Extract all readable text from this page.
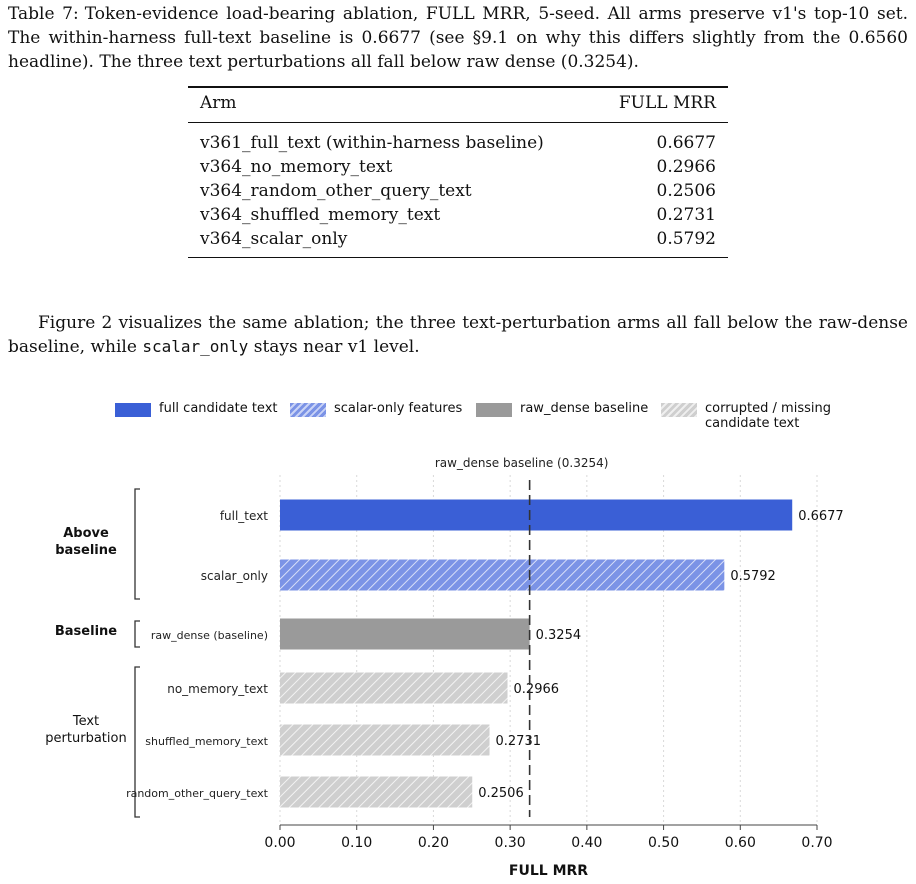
Table 7: Token-evidence load-bearing ablation, FULL MRR, 5-seed. All arms preserve v1's top-10 set. The within-harness full-text baseline is 0.6677 (see §9.1 on why this differs slightly from the 0.6560 headline). The three text perturbations all fall below raw dense (0.3254).
Arm	FULL MRR
v361_full_text (within-harness baseline)	0.6677
v364_no_memory_text	0.2966
v364_random_other_query_text	0.2506
v364_shuffled_memory_text	0.2731
v364_scalar_only	0.5792
Figure 2 visualizes the same ablation; the three text-perturbation arms all fall below the raw-dense baseline, while scalar_only stays near v1 level.
full candidate text	scalar-only features	raw_dense baseline	corrupted / missing candidate text
Above baseline
Baseline
Text perturbation
0.6677
full_text
0.5792
scalar_only
0.3254
raw_dense (baseline)
0.2966
no_memory_text
0.2731
shuffled_memory_text
0.2506
random_other_query_text
raw_dense baseline (0.3254)
0.00	0.10	0.20	0.30	0.40	0.50	0.60	0.70
FULL MRR
